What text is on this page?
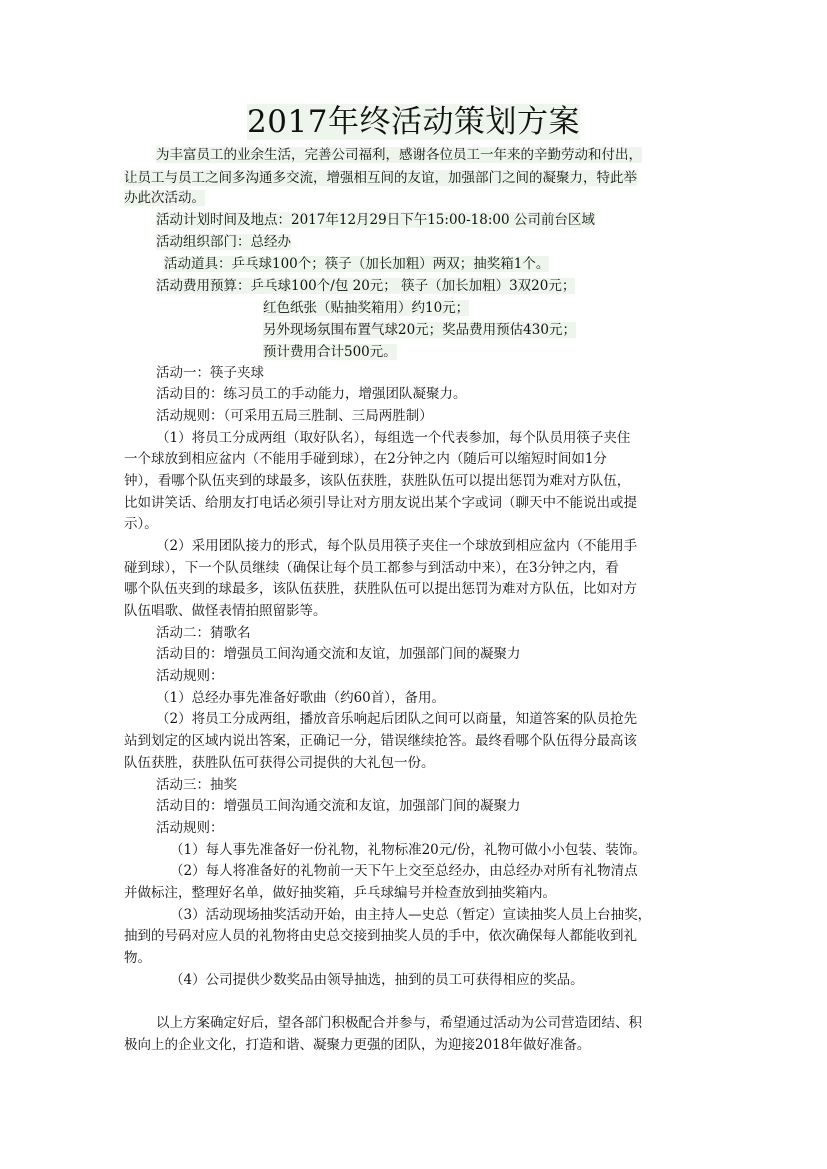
2017年终活动策划方案
为丰富员工的业余生活，完善公司福利，感谢各位员工一年来的辛勤劳动和付出，
让员工与员工之间多沟通多交流，增强相互间的友谊，加强部门之间的凝聚力，特此举
办此次活动。
活动计划时间及地点：2017年12月29日下午15:00-18:00 公司前台区域
活动组织部门：总经办
活动道具：乒乓球100个；筷子（加长加粗）两双；抽奖箱1个。
活动费用预算：乒乓球100个/包 20元； 筷子（加长加粗）3双20元；
红色纸张（贴抽奖箱用）约10元；
另外现场氛围布置气球20元；奖品费用预估430元；
预计费用合计500元。
活动一：筷子夹球
活动目的：练习员工的手动能力，增强团队凝聚力。
活动规则：（可采用五局三胜制、三局两胜制）
（1）将员工分成两组（取好队名），每组选一个代表参加，每个队员用筷子夹住
一个球放到相应盆内（不能用手碰到球），在2分钟之内（随后可以缩短时间如1分
钟），看哪个队伍夹到的球最多，该队伍获胜，获胜队伍可以提出惩罚为难对方队伍，
比如讲笑话、给朋友打电话必须引导让对方朋友说出某个字或词（聊天中不能说出或提
示）。
（2）采用团队接力的形式，每个队员用筷子夹住一个球放到相应盆内（不能用手
碰到球），下一个队员继续（确保让每个员工都参与到活动中来），在3分钟之内，看
哪个队伍夹到的球最多，该队伍获胜，获胜队伍可以提出惩罚为难对方队伍，比如对方
队伍唱歌、做怪表情拍照留影等。
活动二：猜歌名
活动目的：增强员工间沟通交流和友谊，加强部门间的凝聚力
活动规则：
（1）总经办事先准备好歌曲（约60首），备用。
（2）将员工分成两组，播放音乐响起后团队之间可以商量，知道答案的队员抢先
站到划定的区域内说出答案，正确记一分，错误继续抢答。最终看哪个队伍得分最高该
队伍获胜，获胜队伍可获得公司提供的大礼包一份。
活动三：抽奖
活动目的：增强员工间沟通交流和友谊，加强部门间的凝聚力
活动规则：
（1）每人事先准备好一份礼物，礼物标准20元/份，礼物可做小小包装、装饰。
（2）每人将准备好的礼物前一天下午上交至总经办，由总经办对所有礼物清点
并做标注，整理好名单，做好抽奖箱，乒乓球编号并检查放到抽奖箱内。
（3）活动现场抽奖活动开始，由主持人—史总（暂定）宣读抽奖人员上台抽奖，
抽到的号码对应人员的礼物将由史总交接到抽奖人员的手中，依次确保每人都能收到礼
物。
（4）公司提供少数奖品由领导抽选，抽到的员工可获得相应的奖品。
以上方案确定好后，望各部门积极配合并参与，希望通过活动为公司营造团结、积
极向上的企业文化，打造和谐、凝聚力更强的团队，为迎接2018年做好准备。
